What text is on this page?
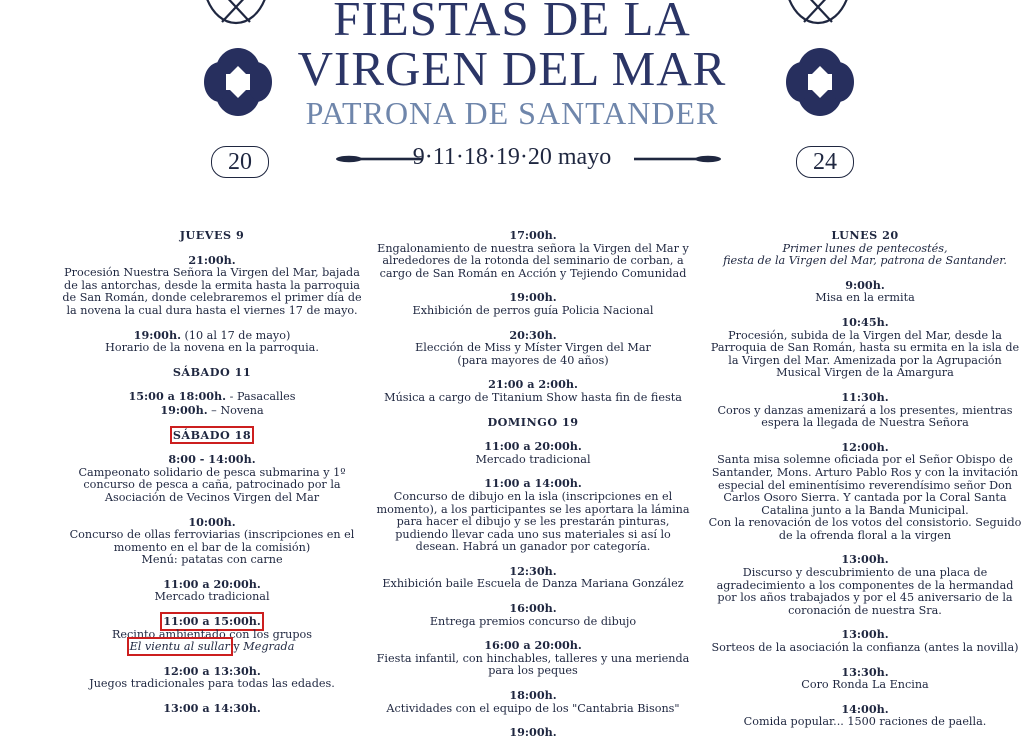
20	24
FIESTAS DE LA
VIRGEN DEL MAR
PATRONA DE SANTANDER
9·11·18·19·20 mayo

JUEVES 9

21:00h.
Procesión Nuestra Señora la Virgen del Mar, bajada de las antorchas, desde la ermita hasta la parroquia de San Román, donde celebraremos el primer día de la novena la cual dura hasta el viernes 17 de mayo.

19:00h. (10 al 17 de mayo)
Horario de la novena en la parroquia.

SÁBADO 11

15:00 a 18:00h. - Pasacalles
19:00h. – Novena

SÁBADO 18

8:00 - 14:00h.
Campeonato solidario de pesca submarina y 1º concurso de pesca a caña, patrocinado por la Asociación de Vecinos Virgen del Mar

10:00h.
Concurso de ollas ferroviarias (inscripciones en el momento en el bar de la comisión)
Menú: patatas con carne

11:00 a 20:00h.
Mercado tradicional

11:00 a 15:00h.
Recinto ambientado con los grupos
El vientu al sullar y Megrada

12:00 a 13:30h.
Juegos tradicionales para todas las edades.

13:00 a 14:30h.

17:00h.
Engalonamiento de nuestra señora la Virgen del Mar y alrededores de la rotonda del seminario de corban, a cargo de San Román en Acción y Tejiendo Comunidad

19:00h.
Exhibición de perros guía Policia Nacional

20:30h.
Elección de Miss y Míster Virgen del Mar
(para mayores de 40 años)

21:00 a 2:00h.
Música a cargo de Titanium Show hasta fin de fiesta

DOMINGO 19

11:00 a 20:00h.
Mercado tradicional

11:00 a 14:00h.
Concurso de dibujo en la isla (inscripciones en el momento), a los participantes se les aportara la lámina para hacer el dibujo y se les prestarán pinturas, pudiendo llevar cada uno sus materiales si así lo desean. Habrá un ganador por categoría.

12:30h.
Exhibición baile Escuela de Danza Mariana González

16:00h.
Entrega premios concurso de dibujo

16:00 a 20:00h.
Fiesta infantil, con hinchables, talleres y una merienda para los peques

18:00h.
Actividades con el equipo de los "Cantabria Bisons"

19:00h.

LUNES 20
Primer lunes de pentecostés,
fiesta de la Virgen del Mar, patrona de Santander.

9:00h.
Misa en la ermita

10:45h.
Procesión, subida de la Virgen del Mar, desde la Parroquia de San Román, hasta su ermita en la isla de la Virgen del Mar. Amenizada por la Agrupación Musical Virgen de la Amargura

11:30h.
Coros y danzas amenizará a los presentes, mientras espera la llegada de Nuestra Señora

12:00h.
Santa misa solemne oficiada por el Señor Obispo de Santander, Mons. Arturo Pablo Ros y con la invitación especial del eminentísimo reverendísimo señor Don Carlos Osoro Sierra. Y cantada por la Coral Santa Catalina junto a la Banda Municipal.
Con la renovación de los votos del consistorio. Seguido de la ofrenda floral a la virgen

13:00h.
Discurso y descubrimiento de una placa de agradecimiento a los componentes de la hermandad por los años trabajados y por el 45 aniversario de la coronación de nuestra Sra.

13:00h.
Sorteos de la asociación la confianza (antes la novilla)

13:30h.
Coro Ronda La Encina

14:00h.
Comida popular... 1500 raciones de paella.
